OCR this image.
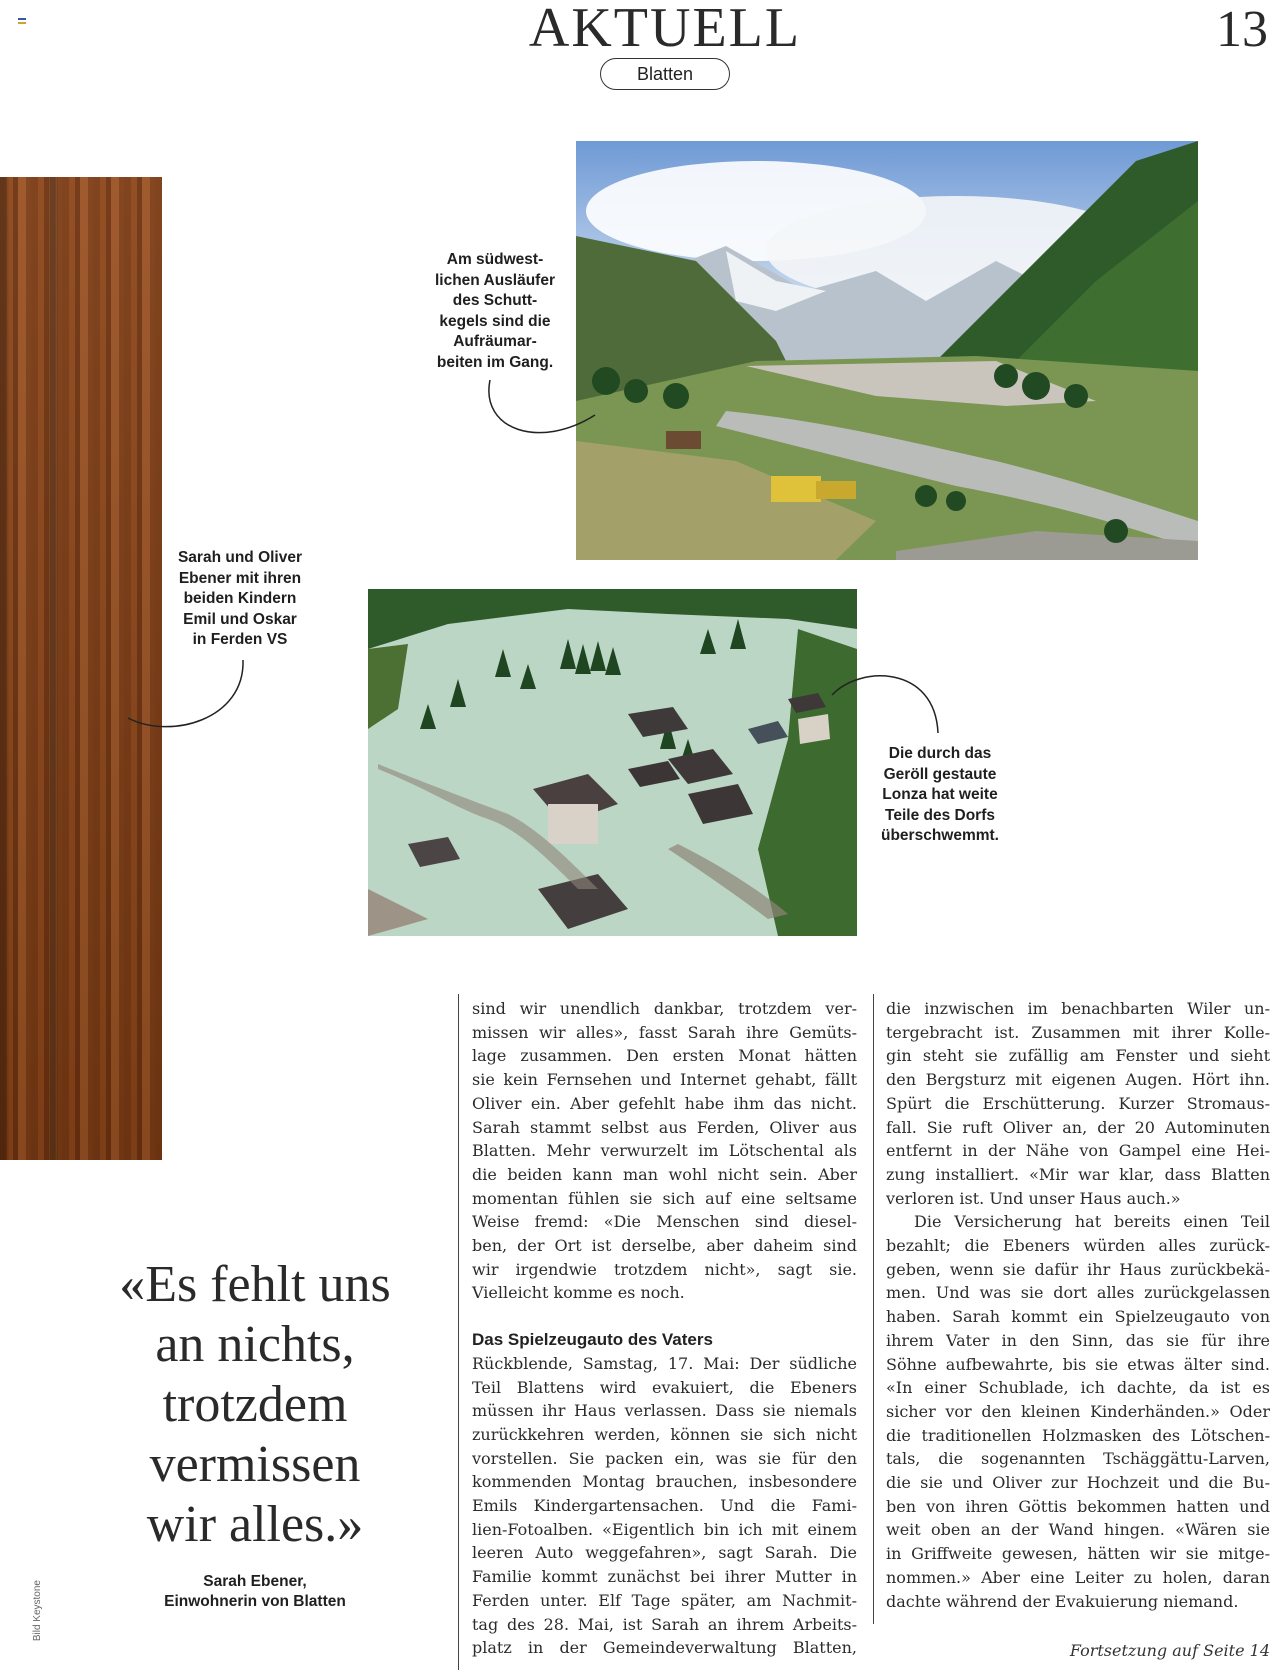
AKTUELL	13
Blatten
Am südwest-
lichen Ausläufer
des Schutt-
kegels sind die
Aufräumar-
beiten im Gang.
Sarah und Oliver
Ebener mit ihren
beiden Kindern
Emil und Oskar
in Ferden VS
Die durch das
Geröll gestaute
Lonza hat weite
Teile des Dorfs
überschwemmt.
«Es fehlt uns
an nichts,
trotzdem
vermissen
wir alles.»
Sarah Ebener,
Einwohnerin von Blatten
Bild Keystone
sind wir unendlich dankbar, trotzdem ver-
missen wir alles», fasst Sarah ihre Gemüts-
lage zusammen. Den ersten Monat hätten
sie kein Fernsehen und Internet gehabt, fällt
Oliver ein. Aber gefehlt habe ihm das nicht.
Sarah stammt selbst aus Ferden, Oliver aus
Blatten. Mehr verwurzelt im Lötschental als
die beiden kann man wohl nicht sein. Aber
momentan fühlen sie sich auf eine seltsame
Weise fremd: «Die Menschen sind diesel-
ben, der Ort ist derselbe, aber daheim sind
wir irgendwie trotzdem nicht», sagt sie.
Vielleicht komme es noch.
Das Spielzeugauto des Vaters
Rückblende, Samstag, 17. Mai: Der südliche
Teil Blattens wird evakuiert, die Ebeners
müssen ihr Haus verlassen. Dass sie niemals
zurückkehren werden, können sie sich nicht
vorstellen. Sie packen ein, was sie für den
kommenden Montag brauchen, insbesondere
Emils Kindergartensachen. Und die Fami-
lien-Fotoalben. «Eigentlich bin ich mit einem
leeren Auto weggefahren», sagt Sarah. Die
Familie kommt zunächst bei ihrer Mutter in
Ferden unter. Elf Tage später, am Nachmit-
tag des 28. Mai, ist Sarah an ihrem Arbeits-
platz in der Gemeindeverwaltung Blatten,
die inzwischen im benachbarten Wiler un-
tergebracht ist. Zusammen mit ihrer Kolle-
gin steht sie zufällig am Fenster und sieht
den Bergsturz mit eigenen Augen. Hört ihn.
Spürt die Erschütterung. Kurzer Stromaus-
fall. Sie ruft Oliver an, der 20 Autominuten
entfernt in der Nähe von Gampel eine Hei-
zung installiert. «Mir war klar, dass Blatten
verloren ist. Und unser Haus auch.»
Die Versicherung hat bereits einen Teil
bezahlt; die Ebeners würden alles zurück-
geben, wenn sie dafür ihr Haus zurückbekä-
men. Und was sie dort alles zurückgelassen
haben. Sarah kommt ein Spielzeugauto von
ihrem Vater in den Sinn, das sie für ihre
Söhne aufbewahrte, bis sie etwas älter sind.
«In einer Schublade, ich dachte, da ist es
sicher vor den kleinen Kinderhänden.» Oder
die traditionellen Holzmasken des Lötschen-
tals, die sogenannten Tschäggättu-Larven,
die sie und Oliver zur Hochzeit und die Bu-
ben von ihren Göttis bekommen hatten und
weit oben an der Wand hingen. «Wären sie
in Griffweite gewesen, hätten wir sie mitge-
nommen.» Aber eine Leiter zu holen, daran
dachte während der Evakuierung niemand.
Fortsetzung auf Seite 14
